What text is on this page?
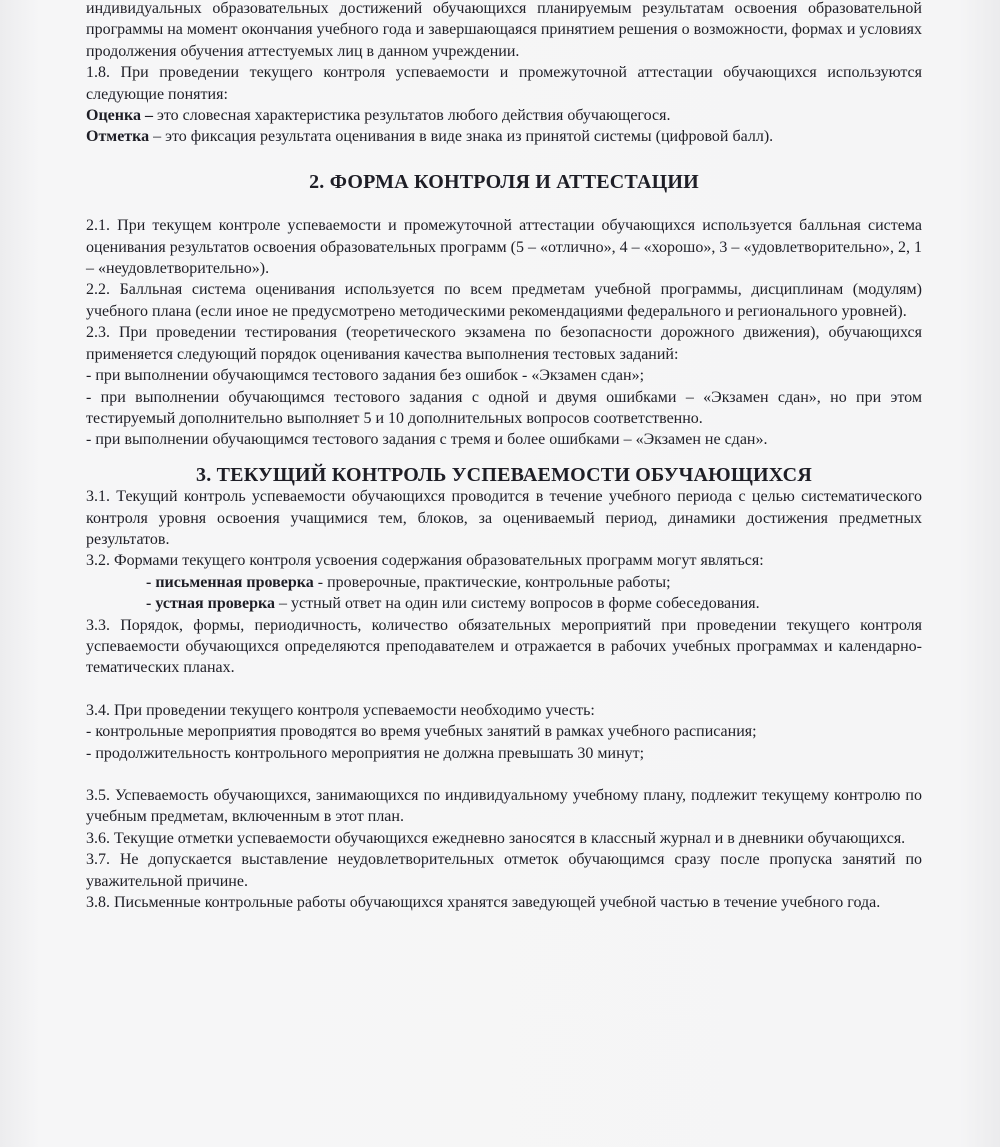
индивидуальных образовательных достижений обучающихся планируемым результатам освоения образовательной программы на момент окончания учебного года и завершающаяся принятием решения о возможности, формах и условиях продолжения обучения аттестуемых лиц в данном учреждении.

1.8. При проведении текущего контроля успеваемости и промежуточной аттестации обучающихся используются следующие понятия:

Оценка – это словесная характеристика результатов любого действия обучающегося.

Отметка – это фиксация результата оценивания в виде знака из принятой системы (цифровой балл).

2. ФОРМА КОНТРОЛЯ И АТТЕСТАЦИИ

2.1. При текущем контроле успеваемости и промежуточной аттестации обучающихся используется балльная система оценивания результатов освоения образовательных программ (5 – «отлично», 4 – «хорошо», 3 – «удовлетворительно», 2, 1 – «неудовлетворительно»).

2.2. Балльная система оценивания используется по всем предметам учебной программы, дисциплинам (модулям) учебного плана (если иное не предусмотрено методическими рекомендациями федерального и регионального уровней).

2.3. При проведении тестирования (теоретического экзамена по безопасности дорожного движения), обучающихся применяется следующий порядок оценивания качества выполнения тестовых заданий:

- при выполнении обучающимся тестового задания без ошибок - «Экзамен сдан»;

- при выполнении обучающимся тестового задания с одной и двумя ошибками – «Экзамен сдан», но при этом тестируемый дополнительно выполняет 5 и 10 дополнительных вопросов соответственно.

- при выполнении обучающимся тестового задания с тремя и более ошибками – «Экзамен не сдан».

3. ТЕКУЩИЙ КОНТРОЛЬ УСПЕВАЕМОСТИ ОБУЧАЮЩИХСЯ

3.1. Текущий контроль успеваемости обучающихся проводится в течение учебного периода с целью систематического контроля уровня освоения учащимися тем, блоков, за оцениваемый период, динамики достижения предметных результатов.

3.2. Формами текущего контроля усвоения содержания образовательных программ могут являться:

- письменная проверка - проверочные, практические, контрольные работы;

- устная проверка – устный ответ на один или систему вопросов в форме собеседования.

3.3. Порядок, формы, периодичность, количество обязательных мероприятий при проведении текущего контроля успеваемости обучающихся определяются преподавателем и отражается в рабочих учебных программах и календарно-тематических планах.

3.4. При проведении текущего контроля успеваемости необходимо учесть:

- контрольные мероприятия проводятся во время учебных занятий в рамках учебного расписания;

- продолжительность контрольного мероприятия не должна превышать 30 минут;

3.5. Успеваемость обучающихся, занимающихся по индивидуальному учебному плану, подлежит текущему контролю по учебным предметам, включенным в этот план.

3.6. Текущие отметки успеваемости обучающихся ежедневно заносятся в классный журнал и в дневники обучающихся.

3.7. Не допускается выставление неудовлетворительных отметок обучающимся сразу после пропуска занятий по уважительной причине.

3.8. Письменные контрольные работы обучающихся хранятся заведующей учебной частью в течение учебного года.
